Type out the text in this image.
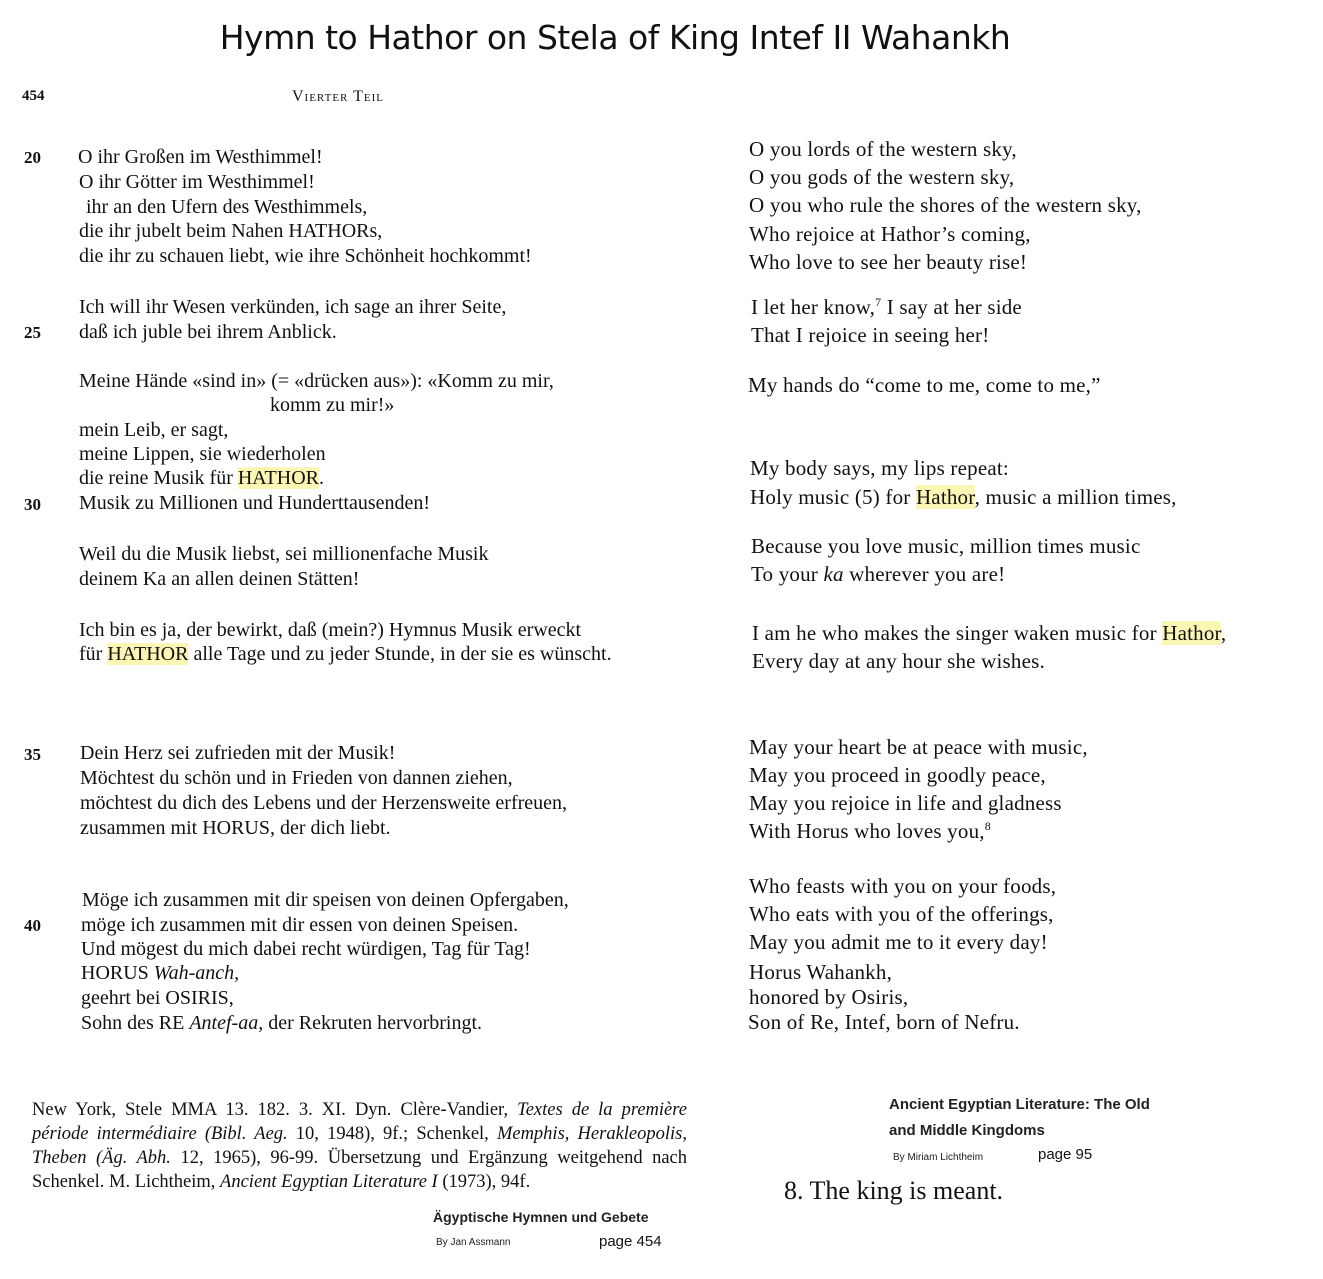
Hymn to Hathor on Stela of King Intef II Wahankh
454	Vierter Teil
20
25
30
35
40
O ihr Großen im Westhimmel!
O ihr Götter im Westhimmel!
ihr an den Ufern des Westhimmels,
die ihr jubelt beim Nahen HATHORs,
die ihr zu schauen liebt, wie ihre Schönheit hochkommt!
Ich will ihr Wesen verkünden, ich sage an ihrer Seite,
daß ich juble bei ihrem Anblick.
Meine Hände «sind in» (= «drücken aus»): «Komm zu mir,
komm zu mir!»
mein Leib, er sagt,
meine Lippen, sie wiederholen
die reine Musik für HATHOR.
Musik zu Millionen und Hunderttausenden!
Weil du die Musik liebst, sei millionenfache Musik
deinem Ka an allen deinen Stätten!
Ich bin es ja, der bewirkt, daß (mein?) Hymnus Musik erweckt
für HATHOR alle Tage und zu jeder Stunde, in der sie es wünscht.
Dein Herz sei zufrieden mit der Musik!
Möchtest du schön und in Frieden von dannen ziehen,
möchtest du dich des Lebens und der Herzensweite erfreuen,
zusammen mit HORUS, der dich liebt.
Möge ich zusammen mit dir speisen von deinen Opfergaben,
möge ich zusammen mit dir essen von deinen Speisen.
Und mögest du mich dabei recht würdigen, Tag für Tag!
HORUS Wah-anch,
geehrt bei OSIRIS,
Sohn des RE Antef-aa, der Rekruten hervorbringt.
O you lords of the western sky,
O you gods of the western sky,
O you who rule the shores of the western sky,
Who rejoice at Hathor’s coming,
Who love to see her beauty rise!
I let her know,$^7$ I say at her side
That I rejoice in seeing her!
My hands do “come to me, come to me,”
My body says, my lips repeat:
Holy music (5) for Hathor, music a million times,
Because you love music, million times music
To your ka wherever you are!
I am he who makes the singer waken music for Hathor,
Every day at any hour she wishes.
May your heart be at peace with music,
May you proceed in goodly peace,
May you rejoice in life and gladness
With Horus who loves you,$^8$
Who feasts with you on your foods,
Who eats with you of the offerings,
May you admit me to it every day!
Horus Wahankh,
honored by Osiris,
Son of Re, Intef, born of Nefru.
New York, Stele MMA 13. 182. 3. XI. Dyn. Clère-Vandier, Textes de la première période intermédiaire (Bibl. Aeg. 10, 1948), 9f.; Schenkel, Memphis, Herakleopolis, Theben (Äg. Abh. 12, 1965), 96-99. Übersetzung und Ergänzung weitgehend nach Schenkel. M. Lichtheim, Ancient Egyptian Literature I (1973), 94f.
Ägyptische Hymnen und Gebete
By Jan Assmann	page 454
Ancient Egyptian Literature: The Old
and Middle Kingdoms
By Miriam Lichtheim	page 95
8. The king is meant.
